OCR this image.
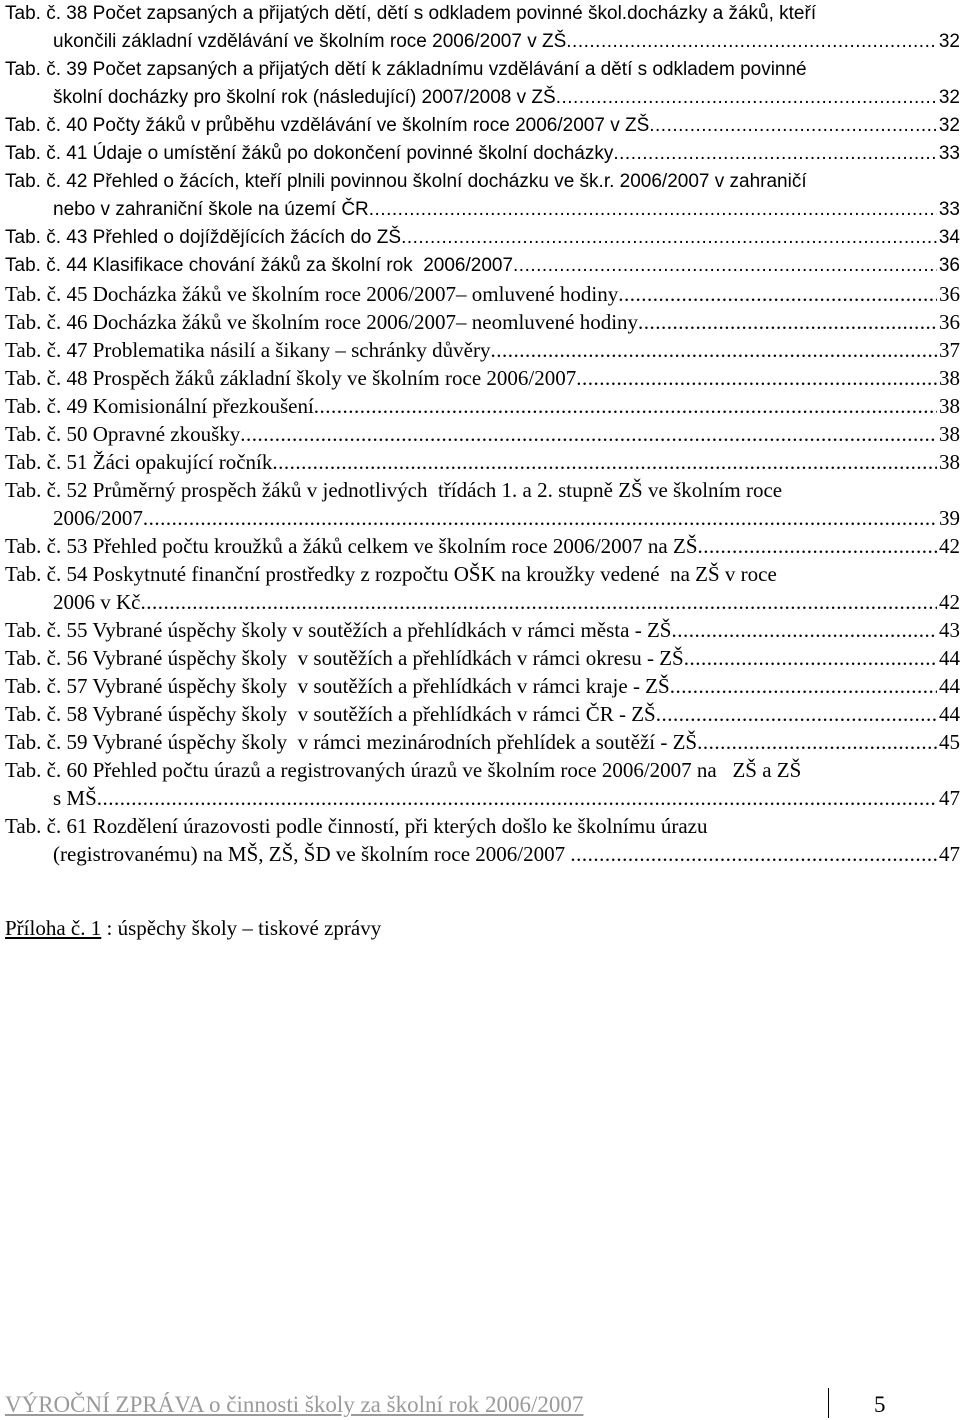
Tab. č. 38 Počet zapsaných a přijatých dětí, dětí s odkladem povinné škol.docházky a žáků, kteří
ukončili základní vzdělávání ve školním roce 2006/2007 v ZŠ .....	32
Tab. č. 39 Počet zapsaných a přijatých dětí k základnímu vzdělávání a dětí s odkladem povinné
školní docházky pro školní rok (následující) 2007/2008 v ZŠ .....	32
Tab. č. 40 Počty žáků v průběhu vzdělávání ve školním roce 2006/2007 v ZŠ .....	32
Tab. č. 41 Údaje o umístění žáků po dokončení povinné školní docházky .....	33
Tab. č. 42 Přehled o žácích, kteří plnili povinnou školní docházku ve šk.r. 2006/2007 v zahraničí
nebo v zahraniční škole na území ČR .....	33
Tab. č. 43 Přehled o dojíždějících žácích do ZŠ .....	34
Tab. č. 44 Klasifikace chování žáků za školní rok  2006/2007 .....	36
Tab. č. 45 Docházka žáků ve školním roce 2006/2007– omluvené hodiny .....	36
Tab. č. 46 Docházka žáků ve školním roce 2006/2007– neomluvené hodiny .....	36
Tab. č. 47 Problematika násilí a šikany – schránky důvěry .....	37
Tab. č. 48 Prospěch žáků základní školy ve školním roce 2006/2007 .....	38
Tab. č. 49 Komisionální přezkoušení .....	38
Tab. č. 50 Opravné zkoušky .....	38
Tab. č. 51 Žáci opakující ročník .....	38
Tab. č. 52 Průměrný prospěch žáků v jednotlivých  třídách 1. a 2. stupně ZŠ ve školním roce
2006/2007 .....	39
Tab. č. 53 Přehled počtu kroužků a žáků celkem ve školním roce 2006/2007 na ZŠ .....	42
Tab. č. 54 Poskytnuté finanční prostředky z rozpočtu OŠK na kroužky vedené  na ZŠ v roce
2006 v Kč .....	42
Tab. č. 55 Vybrané úspěchy školy v soutěžích a přehlídkách v rámci města - ZŠ .....	43
Tab. č. 56 Vybrané úspěchy školy  v soutěžích a přehlídkách v rámci okresu - ZŠ .....	44
Tab. č. 57 Vybrané úspěchy školy  v soutěžích a přehlídkách v rámci kraje - ZŠ .....	44
Tab. č. 58 Vybrané úspěchy školy  v soutěžích a přehlídkách v rámci ČR - ZŠ .....	44
Tab. č. 59 Vybrané úspěchy školy  v rámci mezinárodních přehlídek a soutěží - ZŠ .....	45
Tab. č. 60 Přehled počtu úrazů a registrovaných úrazů ve školním roce 2006/2007 na   ZŠ a ZŠ
s MŠ .....	47
Tab. č. 61 Rozdělení úrazovosti podle činností, při kterých došlo ke školnímu úrazu
(registrovanému) na MŠ, ZŠ, ŠD ve školním roce 2006/2007 .....	47
Příloha č. 1 : úspěchy školy – tiskové zprávy
VÝROČNÍ ZPRÁVA o činnosti školy za školní rok 2006/2007	5
